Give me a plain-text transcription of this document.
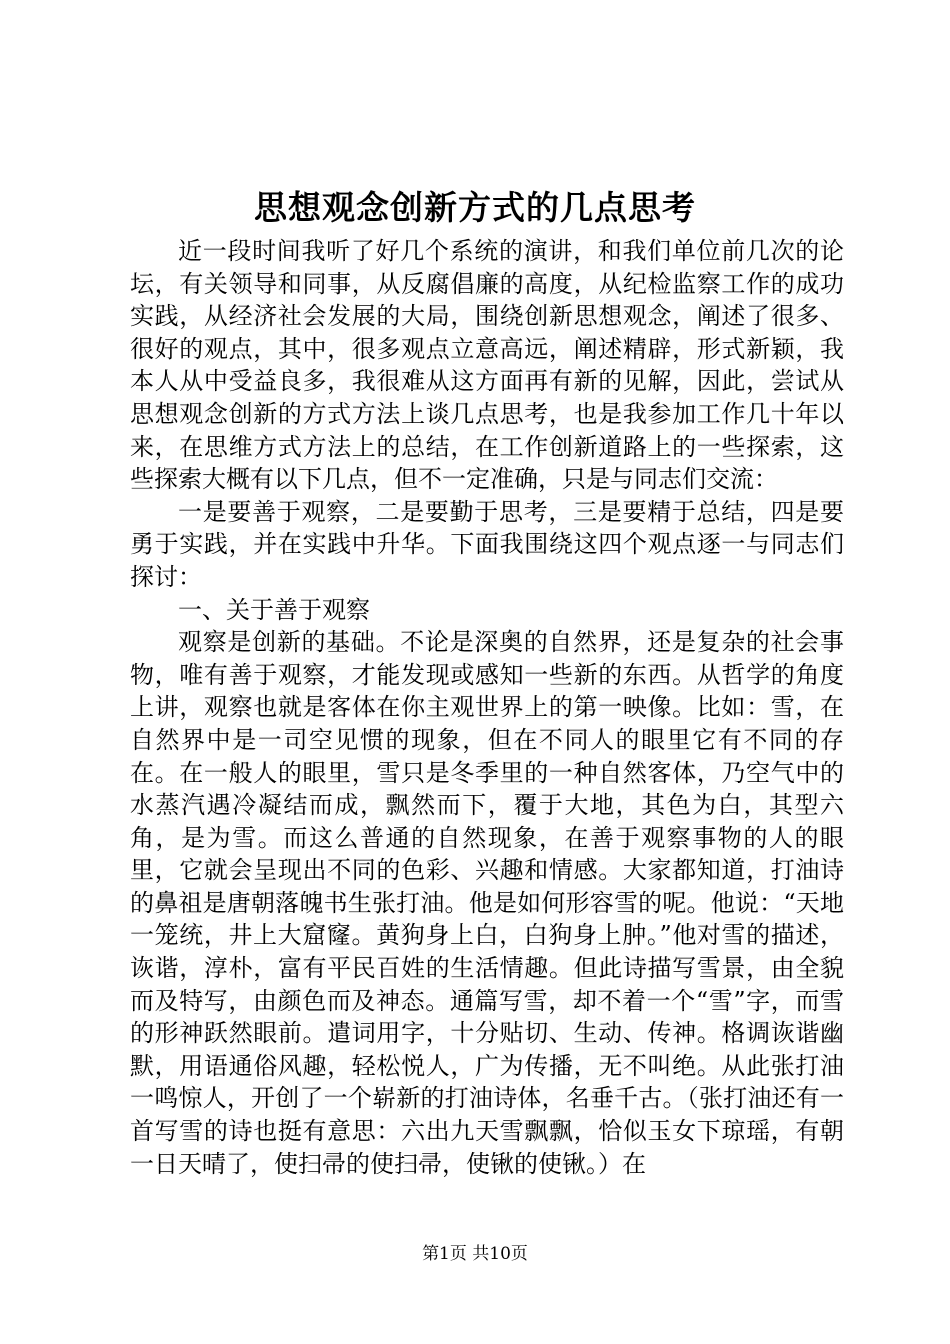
思想观念创新方式的几点思考

近一段时间我听了好几个系统的演讲，和我们单位前几次的论坛，有关领导和同事，从反腐倡廉的高度，从纪检监察工作的成功实践，从经济社会发展的大局，围绕创新思想观念，阐述了很多、很好的观点，其中，很多观点立意高远，阐述精辟，形式新颖，我本人从中受益良多，我很难从这方面再有新的见解，因此，尝试从思想观念创新的方式方法上谈几点思考，也是我参加工作几十年以来，在思维方式方法上的总结，在工作创新道路上的一些探索，这些探索大概有以下几点，但不一定准确，只是与同志们交流：

一是要善于观察，二是要勤于思考，三是要精于总结，四是要勇于实践，并在实践中升华。下面我围绕这四个观点逐一与同志们探讨：

一、关于善于观察

观察是创新的基础。不论是深奥的自然界，还是复杂的社会事物，唯有善于观察，才能发现或感知一些新的东西。从哲学的角度上讲，观察也就是客体在你主观世界上的第一映像。比如：雪，在自然界中是一司空见惯的现象，但在不同人的眼里它有不同的存在。在一般人的眼里，雪只是冬季里的一种自然客体，乃空气中的水蒸汽遇冷凝结而成，飘然而下，覆于大地，其色为白，其型六角，是为雪。而这么普通的自然现象，在善于观察事物的人的眼里，它就会呈现出不同的色彩、兴趣和情感。大家都知道，打油诗的鼻祖是唐朝落魄书生张打油。他是如何形容雪的呢。他说：“天地一笼统，井上大窟窿。黄狗身上白，白狗身上肿。”他对雪的描述，诙谐，淳朴，富有平民百姓的生活情趣。但此诗描写雪景，由全貌而及特写，由颜色而及神态。通篇写雪，却不着一个“雪”字，而雪的形神跃然眼前。遣词用字，十分贴切、生动、传神。格调诙谐幽默，用语通俗风趣，轻松悦人，广为传播，无不叫绝。从此张打油一鸣惊人，开创了一个崭新的打油诗体，名垂千古。（张打油还有一首写雪的诗也挺有意思：六出九天雪飘飘，恰似玉女下琼瑶，有朝一日天晴了，使扫帚的使扫帚，使锹的使锹。）在

第1页 共10页
